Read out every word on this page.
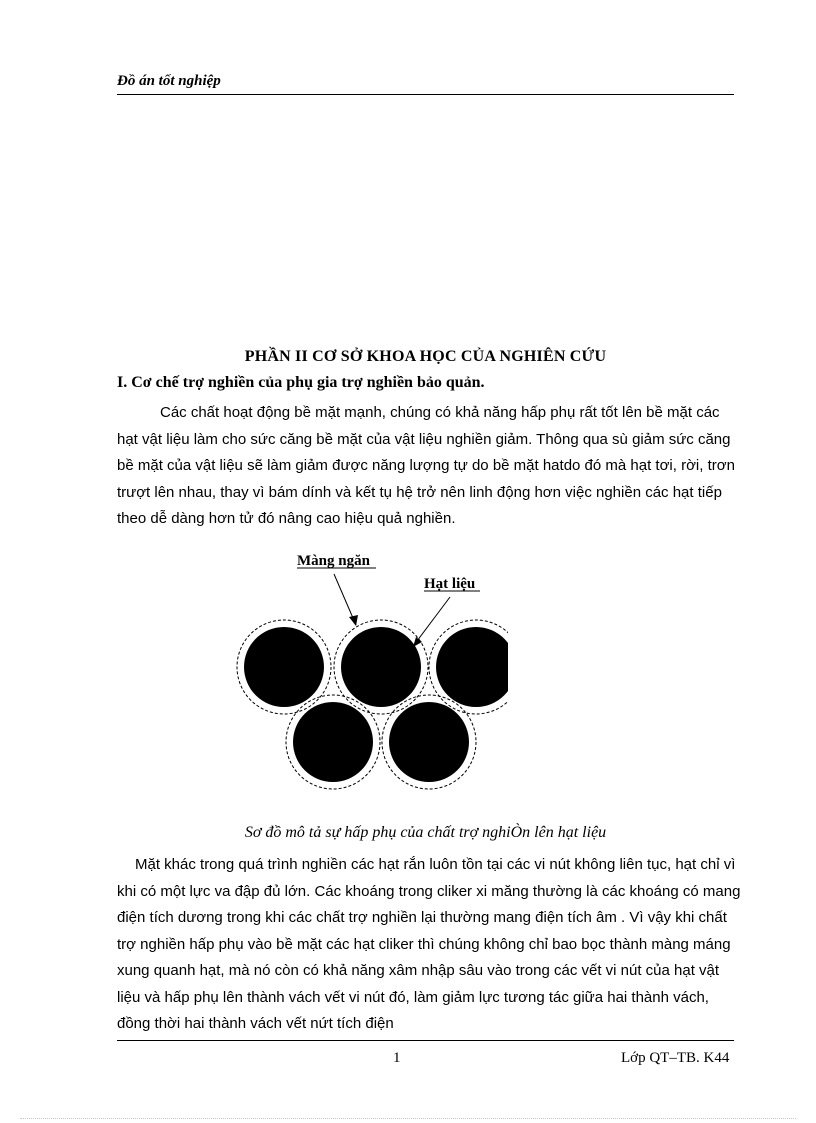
Đồ án tốt nghiệp
PHẦN II CƠ SỞ KHOA HỌC CỦA NGHIÊN CỨU
I. Cơ chế trợ nghiền của phụ gia trợ nghiền bảo quản.

Các chất hoạt động bề mặt mạnh, chúng có khả năng hấp phụ rất tốt lên bề mặt các hạt vật liệu làm cho sức căng bề mặt của vật liệu nghiền giảm. Thông qua sù giảm sức căng bề mặt của vật liệu sẽ làm giảm được năng lượng tự do bề mặt hatdo đó mà hạt tơi, rời, trơn trượt lên nhau, thay vì bám dính và kết tụ hệ trở nên linh động hơn việc nghiền các hạt tiếp theo dễ dàng hơn tử đó nâng cao hiệu quả nghiền.

Màng ngăn
Hạt liệu
Sơ đồ mô tả sự hấp phụ của chất trợ nghiÒn lên hạt liệu

Mặt khác trong quá trình nghiền các hạt rắn luôn tồn tại các vi nút không liên tục, hạt chỉ vì khi có một lực va đập đủ lớn. Các khoáng trong cliker xi măng thường là các khoáng có mang điện tích dương trong khi các chất trợ nghiền lại thường mang điện tích âm . Vì vậy khi chất trợ nghiền hấp phụ vào bề mặt các hạt cliker thì chúng không chỉ bao bọc thành màng máng xung quanh hạt, mà nó còn có khả năng xâm nhập sâu vào trong các vết vi nút của hạt vật liệu và hấp phụ lên thành vách vết vi nút đó, làm giảm lực tương tác giữa hai thành vách, đồng thời hai thành vách vết nứt tích điện

1	Lớp QT–TB. K44
